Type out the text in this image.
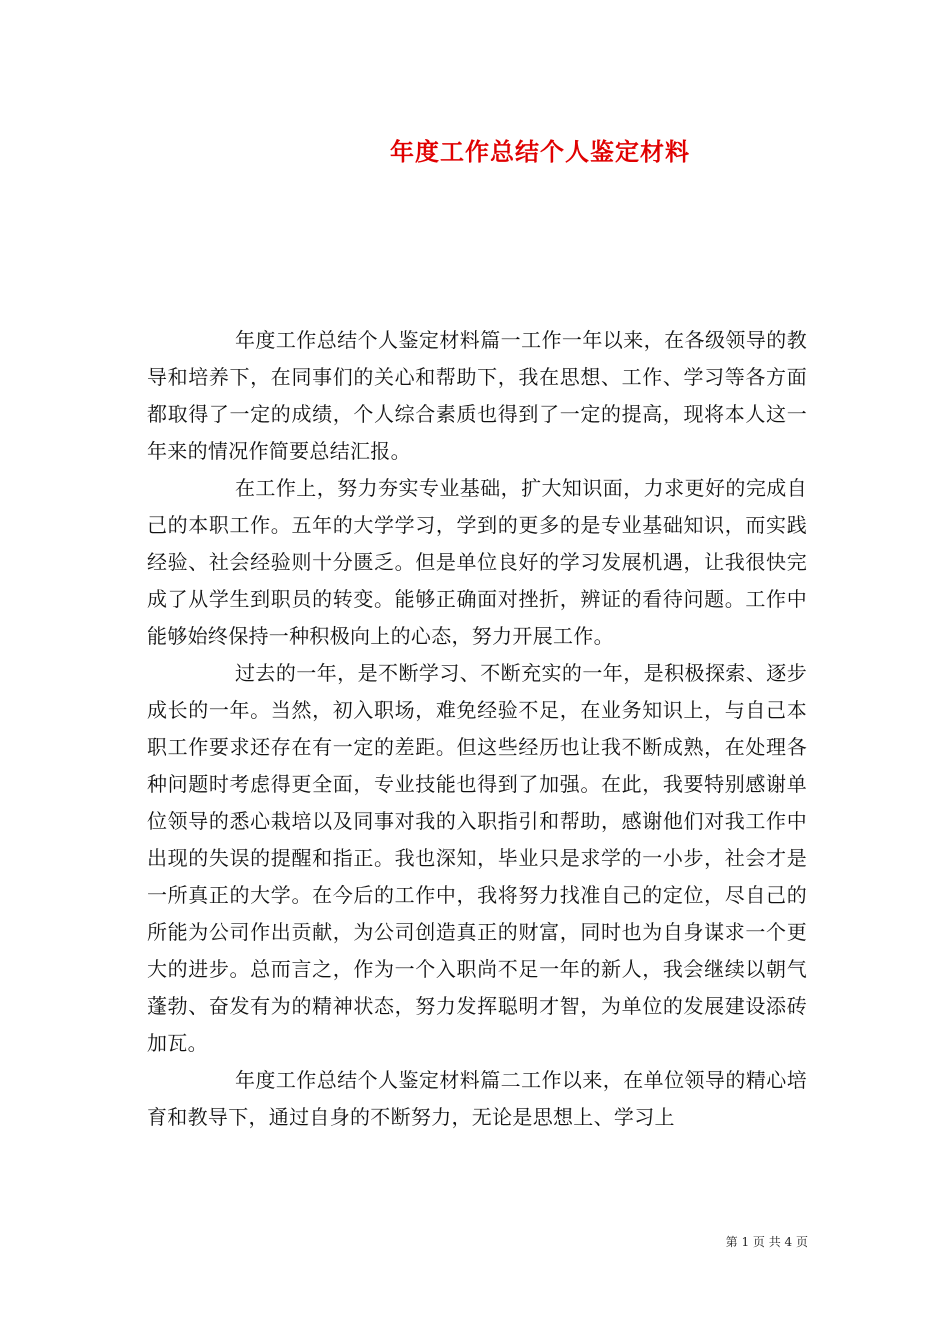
年度工作总结个人鉴定材料

年度工作总结个人鉴定材料篇一工作一年以来，在各级领导的教导和培养下，在同事们的关心和帮助下，我在思想、工作、学习等各方面都取得了一定的成绩，个人综合素质也得到了一定的提高，现将本人这一年来的情况作简要总结汇报。

在工作上，努力夯实专业基础，扩大知识面，力求更好的完成自己的本职工作。五年的大学学习，学到的更多的是专业基础知识，而实践经验、社会经验则十分匮乏。但是单位良好的学习发展机遇，让我很快完成了从学生到职员的转变。能够正确面对挫折，辨证的看待问题。工作中能够始终保持一种积极向上的心态，努力开展工作。

过去的一年，是不断学习、不断充实的一年，是积极探索、逐步成长的一年。当然，初入职场，难免经验不足，在业务知识上，与自己本职工作要求还存在有一定的差距。但这些经历也让我不断成熟，在处理各种问题时考虑得更全面，专业技能也得到了加强。在此，我要特别感谢单位领导的悉心栽培以及同事对我的入职指引和帮助，感谢他们对我工作中出现的失误的提醒和指正。我也深知，毕业只是求学的一小步，社会才是一所真正的大学。在今后的工作中，我将努力找准自己的定位，尽自己的所能为公司作出贡献，为公司创造真正的财富，同时也为自身谋求一个更大的进步。总而言之，作为一个入职尚不足一年的新人，我会继续以朝气蓬勃、奋发有为的精神状态，努力发挥聪明才智，为单位的发展建设添砖加瓦。

年度工作总结个人鉴定材料篇二工作以来，在单位领导的精心培育和教导下，通过自身的不断努力，无论是思想上、学习上

第 1 页 共 4 页
